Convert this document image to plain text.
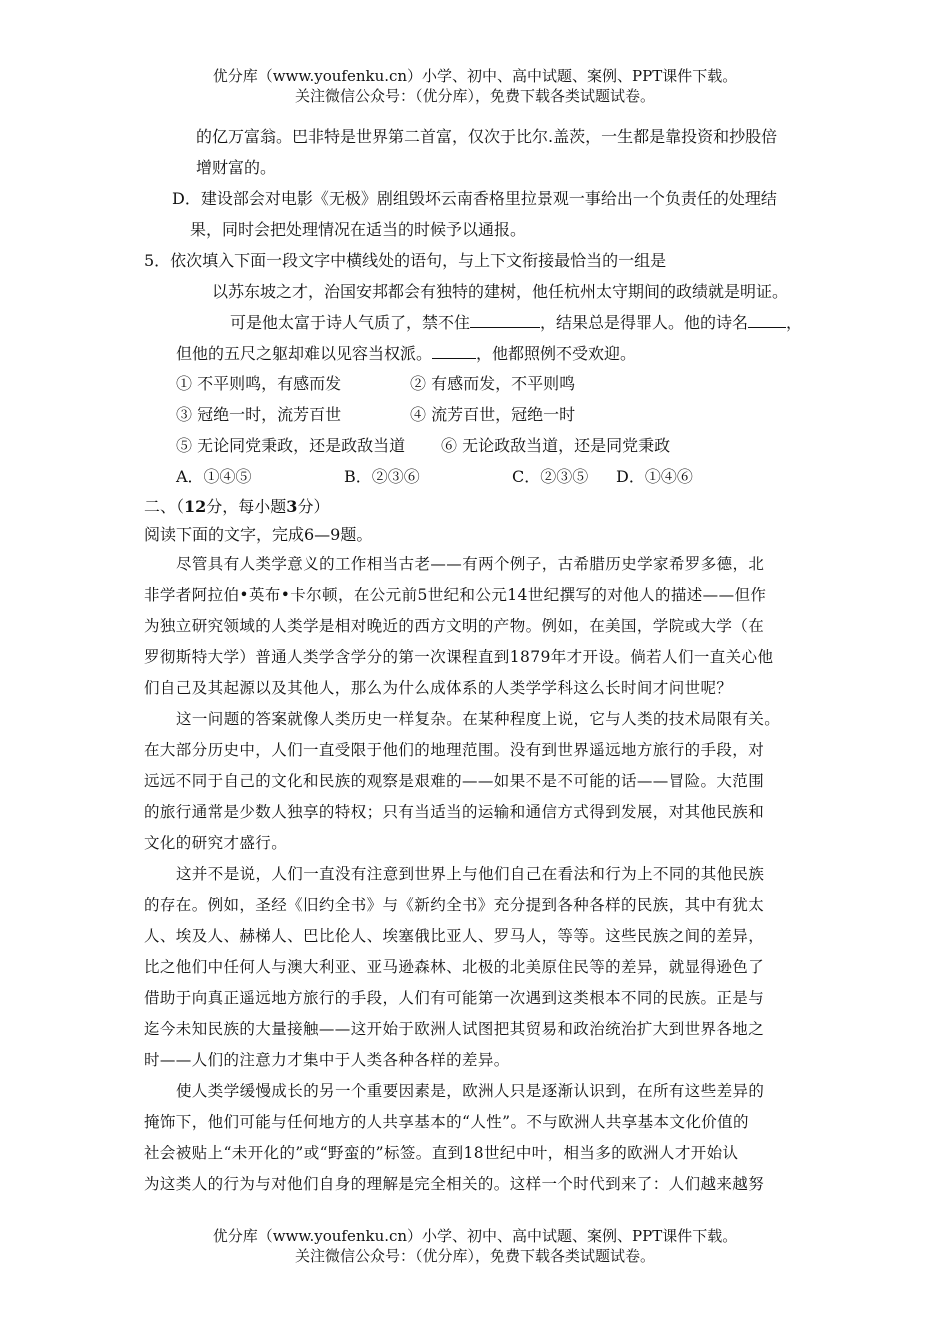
优分库（www.youfenku.cn）小学、初中、高中试题、案例、PPT课件下载。
关注微信公众号：（优分库），免费下载各类试题试卷。
的亿万富翁。巴非特是世界第二首富，仅次于比尔.盖茨，一生都是靠投资和抄股倍
增财富的。
D．建设部会对电影《无极》剧组毁坏云南香格里拉景观一事给出一个负责任的处理结
果，同时会把处理情况在适当的时候予以通报。
5．依次填入下面一段文字中横线处的语句，与上下文衔接最恰当的一组是
以苏东坡之才，治国安邦都会有独特的建树，他任杭州太守期间的政绩就是明证。
可是他太富于诗人气质了，禁不住	，结果总是得罪人。他的诗名 ，
但他的五尺之躯却难以见容当权派。	，他都照例不受欢迎。
① 不平则鸣，有感而发	② 有感而发，不平则鸣
③ 冠绝一时，流芳百世	④ 流芳百世，冠绝一时
⑤ 无论同党秉政，还是政敌当道 ⑥ 无论政敌当道，还是同党秉政
A．①④⑤	B．②③⑥	C．②③⑤ D．①④⑥
二、（12分，每小题3分）
阅读下面的文字，完成6—9题。
尽管具有人类学意义的工作相当古老——有两个例子，古希腊历史学家希罗多德，北
非学者阿拉伯•英布•卡尔顿，在公元前5世纪和公元14世纪撰写的对他人的描述——但作
为独立研究领域的人类学是相对晚近的西方文明的产物。例如，在美国，学院或大学（在
罗彻斯特大学）普通人类学含学分的第一次课程直到1879年才开设。倘若人们一直关心他
们自己及其起源以及其他人，那么为什么成体系的人类学学科这么长时间才问世呢？
这一问题的答案就像人类历史一样复杂。在某种程度上说，它与人类的技术局限有关。
在大部分历史中，人们一直受限于他们的地理范围。没有到世界遥远地方旅行的手段，对
远远不同于自己的文化和民族的观察是艰难的——如果不是不可能的话——冒险。大范围
的旅行通常是少数人独享的特权；只有当适当的运输和通信方式得到发展，对其他民族和
文化的研究才盛行。
这并不是说，人们一直没有注意到世界上与他们自己在看法和行为上不同的其他民族
的存在。例如，圣经《旧约全书》与《新约全书》充分提到各种各样的民族，其中有犹太
人、埃及人、赫梯人、巴比伦人、埃塞俄比亚人、罗马人，等等。这些民族之间的差异，
比之他们中任何人与澳大利亚、亚马逊森林、北极的北美原住民等的差异，就显得逊色了
借助于向真正遥远地方旅行的手段，人们有可能第一次遇到这类根本不同的民族。正是与
迄今未知民族的大量接触——这开始于欧洲人试图把其贸易和政治统治扩大到世界各地之
时——人们的注意力才集中于人类各种各样的差异。
使人类学缓慢成长的另一个重要因素是，欧洲人只是逐渐认识到，在所有这些差异的
掩饰下，他们可能与任何地方的人共享基本的“人性”。不与欧洲人共享基本文化价值的
社会被贴上“未开化的”或“野蛮的”标签。直到18世纪中叶，相当多的欧洲人才开始认
为这类人的行为与对他们自身的理解是完全相关的。这样一个时代到来了：人们越来越努
优分库（www.youfenku.cn）小学、初中、高中试题、案例、PPT课件下载。
关注微信公众号：（优分库），免费下载各类试题试卷。
